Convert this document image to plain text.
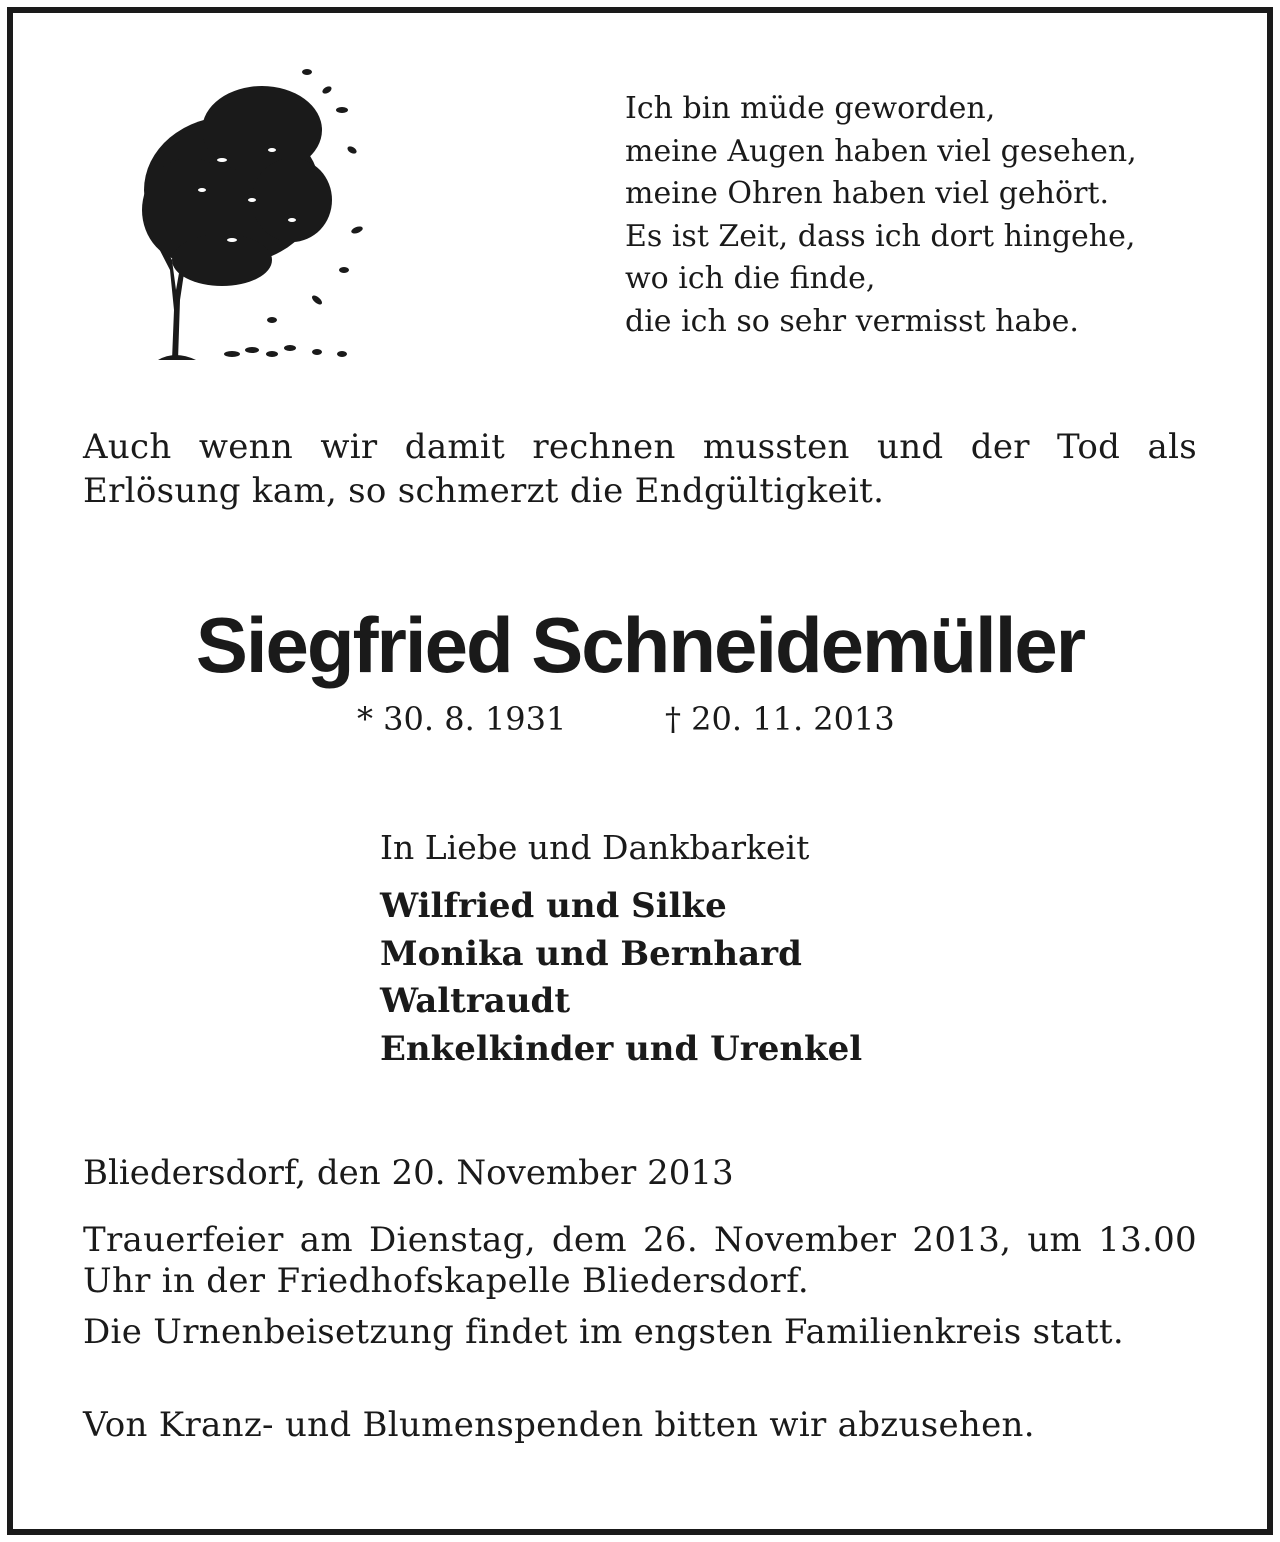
Ich bin müde geworden,
meine Augen haben viel gesehen,
meine Ohren haben viel gehört.
Es ist Zeit, dass ich dort hingehe,
wo ich die finde,
die ich so sehr vermisst habe.
Auch wenn wir damit rechnen mussten und der Tod als Erlösung kam, so schmerzt die Endgültigkeit.
Siegfried Schneidemüller
* 30. 8. 1931	† 20. 11. 2013
In Liebe und Dankbarkeit
Wilfried und Silke
Monika und Bernhard
Waltraudt
Enkelkinder und Urenkel
Bliedersdorf, den 20. November 2013
Trauerfeier am Dienstag, dem 26. November 2013, um 13.00 Uhr in der Friedhofskapelle Bliedersdorf.
Die Urnenbeisetzung findet im engsten Familienkreis statt.
Von Kranz- und Blumenspenden bitten wir abzusehen.
